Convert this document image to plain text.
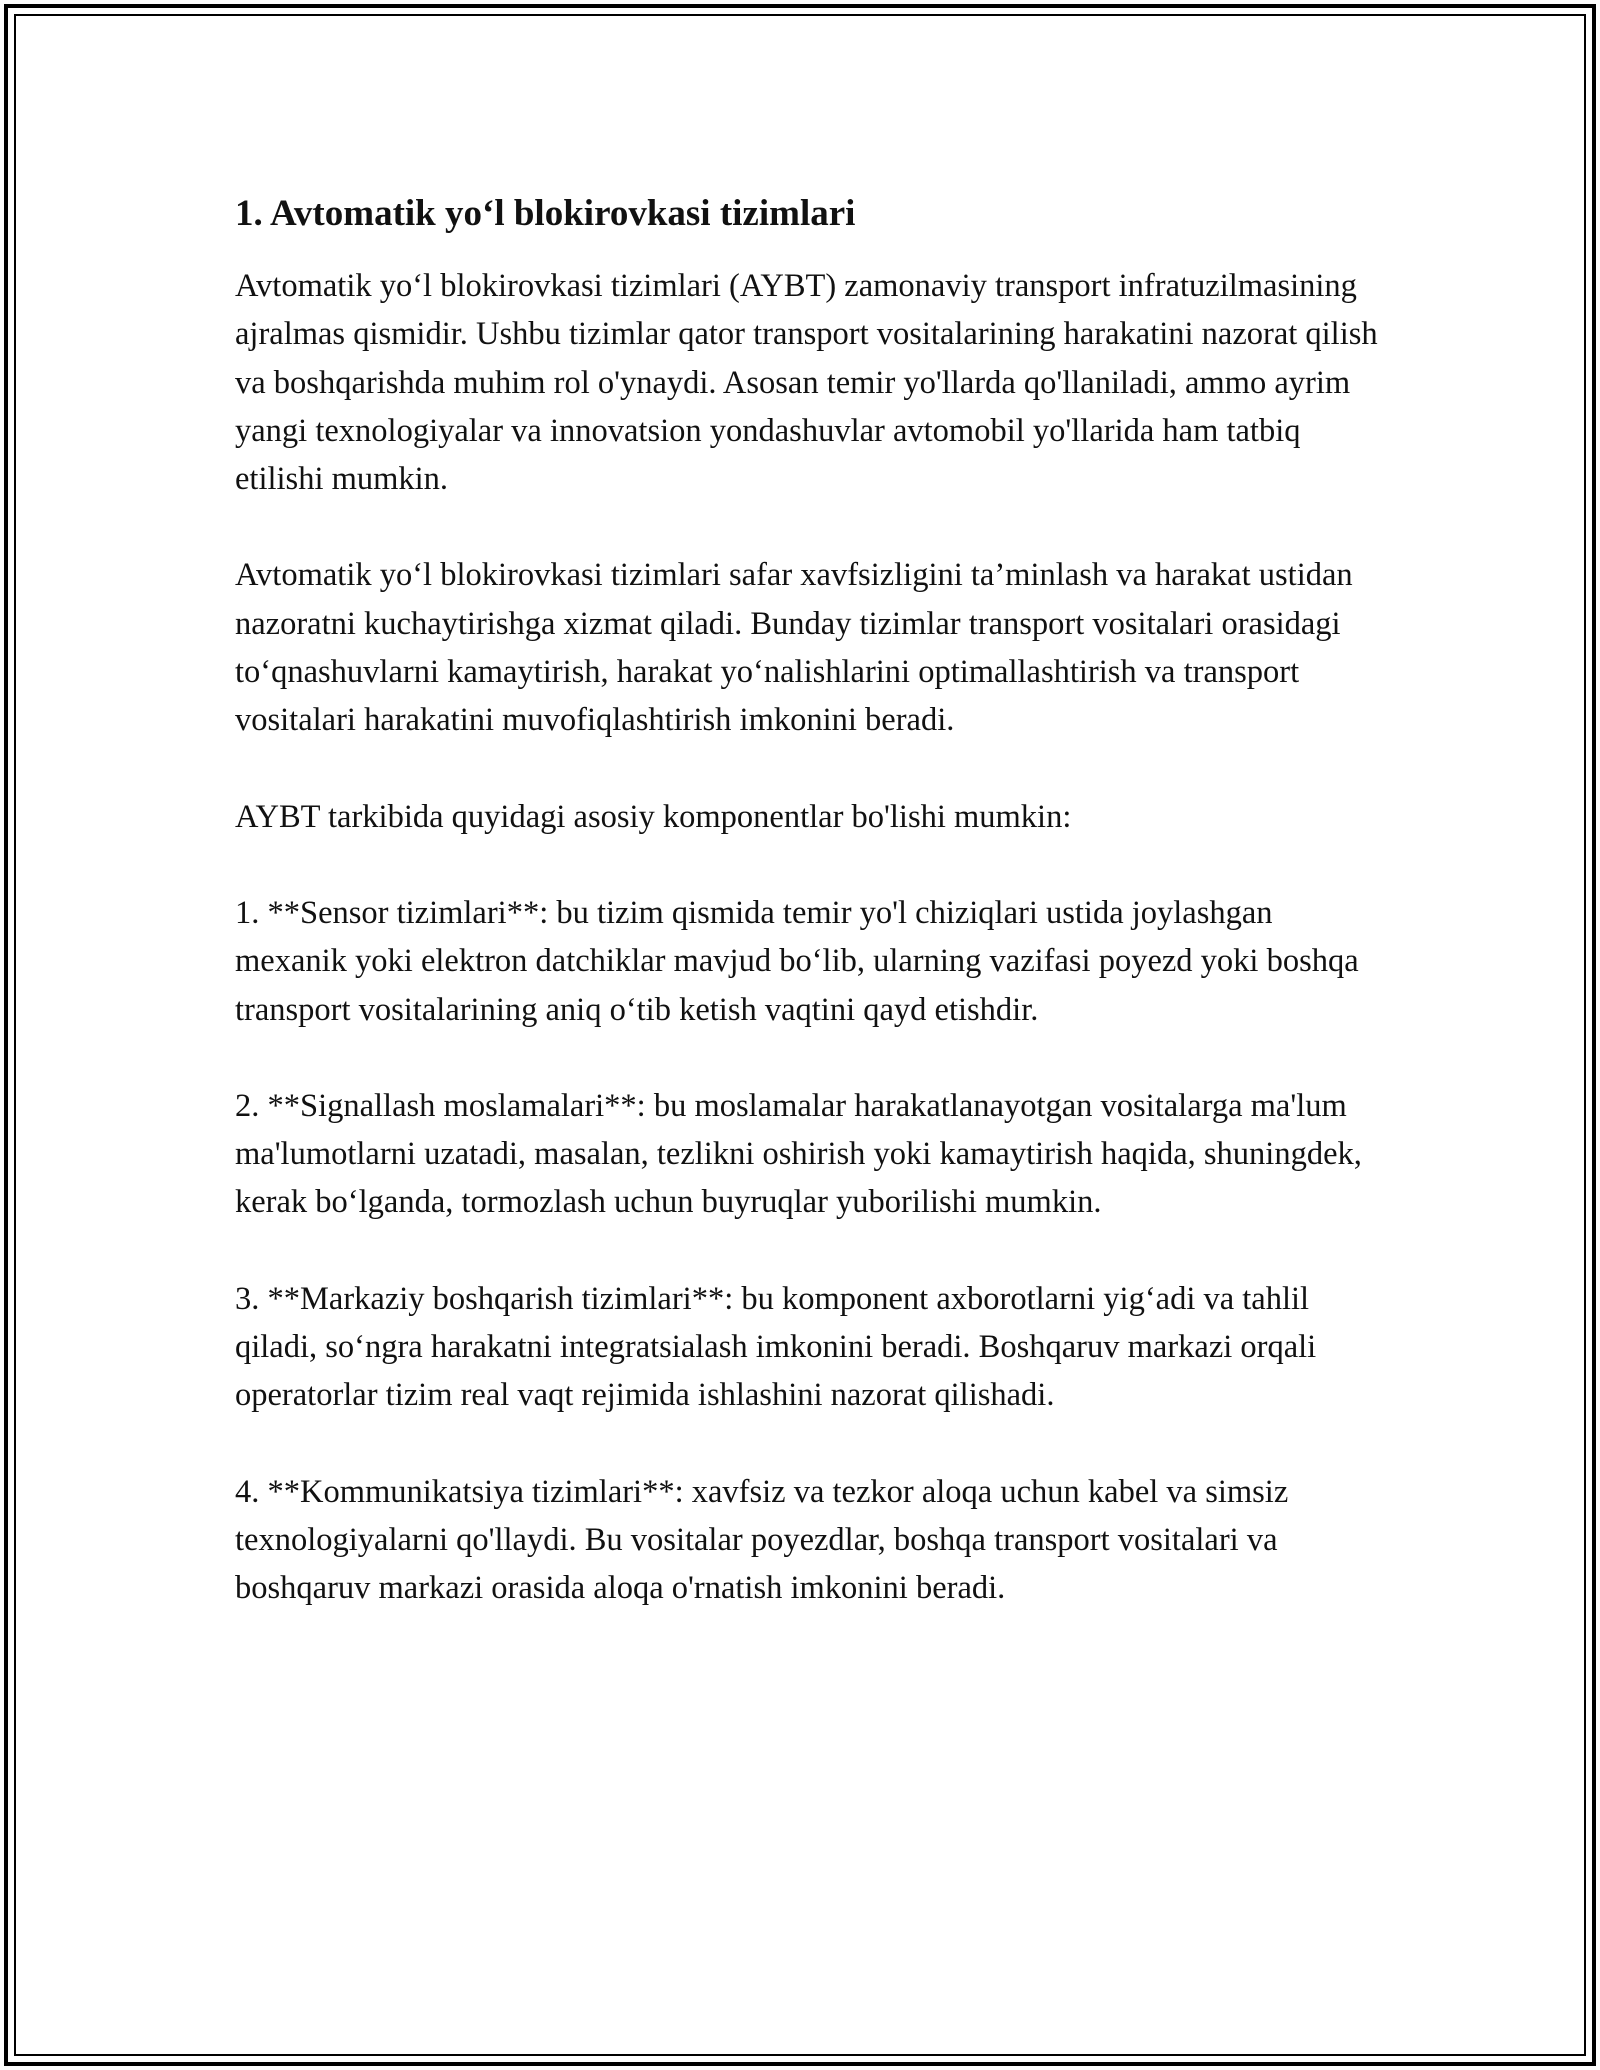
1. Avtomatik yo‘l blokirovkasi tizimlari

Avtomatik yo‘l blokirovkasi tizimlari (AYBT) zamonaviy transport infratuzilmasining ajralmas qismidir. Ushbu tizimlar qator transport vositalarining harakatini nazorat qilish va boshqarishda muhim rol o'ynaydi. Asosan temir yo'llarda qo'llaniladi, ammo ayrim yangi texnologiyalar va innovatsion yondashuvlar avtomobil yo'llarida ham tatbiq etilishi mumkin.

Avtomatik yo‘l blokirovkasi tizimlari safar xavfsizligini ta’minlash va harakat ustidan nazoratni kuchaytirishga xizmat qiladi. Bunday tizimlar transport vositalari orasidagi to‘qnashuvlarni kamaytirish, harakat yo‘nalishlarini optimallashtirish va transport vositalari harakatini muvofiqlashtirish imkonini beradi.

AYBT tarkibida quyidagi asosiy komponentlar bo'lishi mumkin:

1. **Sensor tizimlari**: bu tizim qismida temir yo'l chiziqlari ustida joylashgan mexanik yoki elektron datchiklar mavjud bo‘lib, ularning vazifasi poyezd yoki boshqa transport vositalarining aniq o‘tib ketish vaqtini qayd etishdir.

2. **Signallash moslamalari**: bu moslamalar harakatlanayotgan vositalarga ma'lum ma'lumotlarni uzatadi, masalan, tezlikni oshirish yoki kamaytirish haqida, shuningdek, kerak bo‘lganda, tormozlash uchun buyruqlar yuborilishi mumkin.

3. **Markaziy boshqarish tizimlari**: bu komponent axborotlarni yig‘adi va tahlil qiladi, so‘ngra harakatni integratsialash imkonini beradi. Boshqaruv markazi orqali operatorlar tizim real vaqt rejimida ishlashini nazorat qilishadi.

4. **Kommunikatsiya tizimlari**: xavfsiz va tezkor aloqa uchun kabel va simsiz texnologiyalarni qo'llaydi. Bu vositalar poyezdlar, boshqa transport vositalari va boshqaruv markazi orasida aloqa o'rnatish imkonini beradi.
